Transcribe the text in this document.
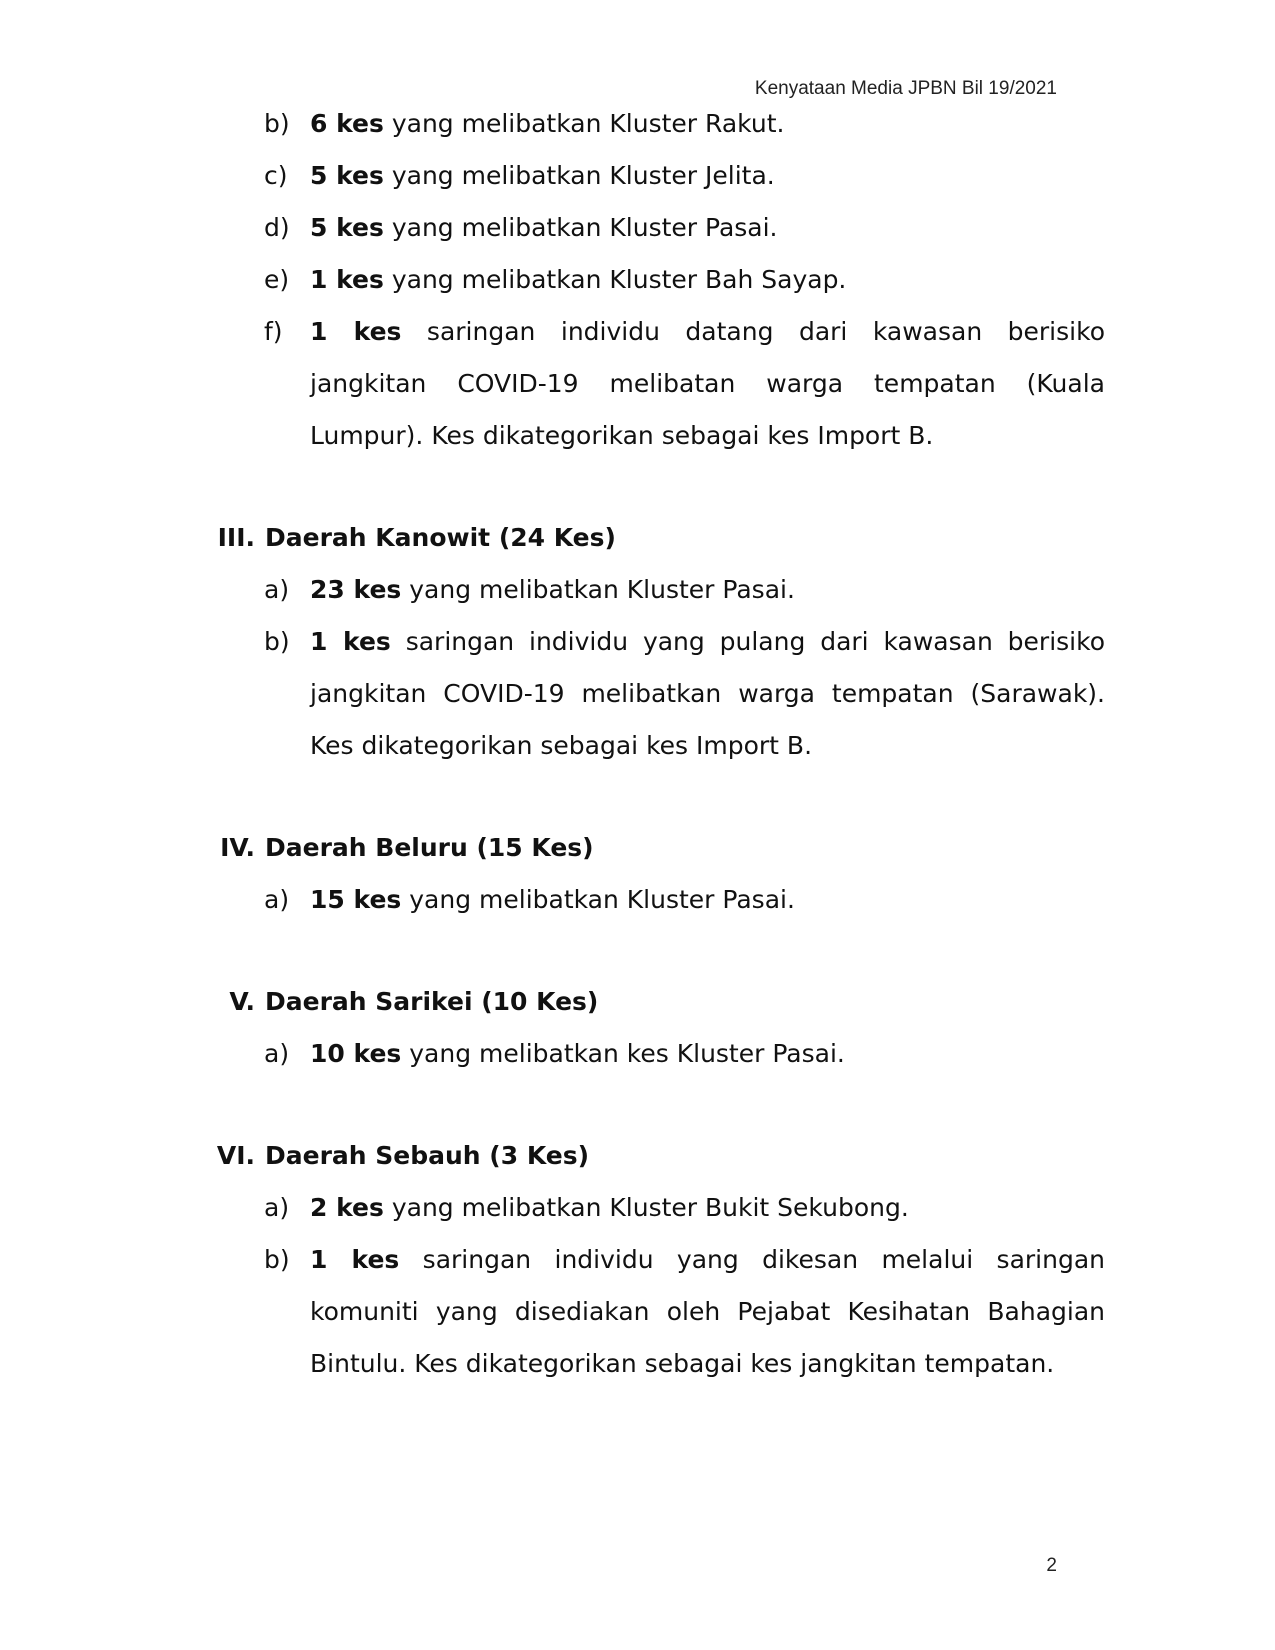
Kenyataan Media JPBN Bil 19/2021
b) 6 kes yang melibatkan Kluster Rakut.
c) 5 kes yang melibatkan Kluster Jelita.
d) 5 kes yang melibatkan Kluster Pasai.
e) 1 kes yang melibatkan Kluster Bah Sayap.
f)	1 kes saringan individu datang dari kawasan berisiko jangkitan COVID-19 melibatan warga tempatan (Kuala Lumpur). Kes dikategorikan sebagai kes Import B.
III. Daerah Kanowit (24 Kes)
a) 23 kes yang melibatkan Kluster Pasai.
b) 1 kes saringan individu yang pulang dari kawasan berisiko jangkitan COVID-19 melibatkan warga tempatan (Sarawak). Kes dikategorikan sebagai kes Import B.
IV. Daerah Beluru (15 Kes)
a) 15 kes yang melibatkan Kluster Pasai.
V. Daerah Sarikei (10 Kes)
a) 10 kes yang melibatkan kes Kluster Pasai.
VI. Daerah Sebauh (3 Kes)
a) 2 kes yang melibatkan Kluster Bukit Sekubong.
b) 1 kes saringan individu yang dikesan melalui saringan komuniti yang disediakan oleh Pejabat Kesihatan Bahagian Bintulu. Kes dikategorikan sebagai kes jangkitan tempatan.
2
